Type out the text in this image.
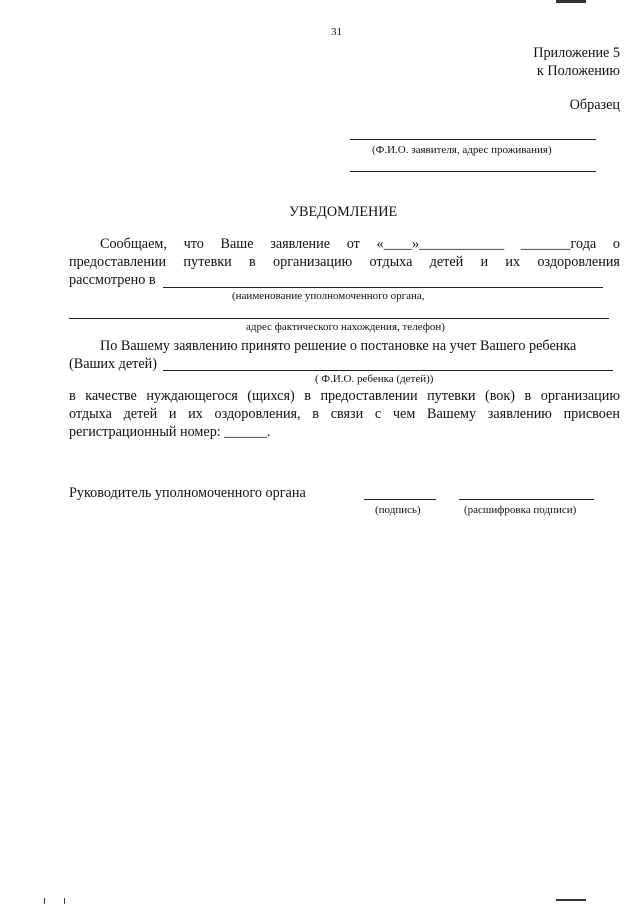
31
Приложение 5
к Положению
Образец
(Ф.И.О. заявителя, адрес проживания)
УВЕДОМЛЕНИЕ
Сообщаем, что Ваше заявление от «____»____________ _______года о
предоставлении путевки в организацию отдыха детей и их оздоровления
рассмотрено в
(наименование уполномоченного органа,
адрес фактического нахождения, телефон)
По Вашему заявлению принято решение о постановке на учет Вашего ребенка
(Ваших детей)
( Ф.И.О. ребенка (детей))
в качестве нуждающегося (щихся) в предоставлении путевки (вок) в организацию
отдыха детей и их оздоровления, в связи с чем Вашему заявлению присвоен
регистрационный номер: ______.
Руководитель уполномоченного органа
(подпись)	(расшифровка подписи)
